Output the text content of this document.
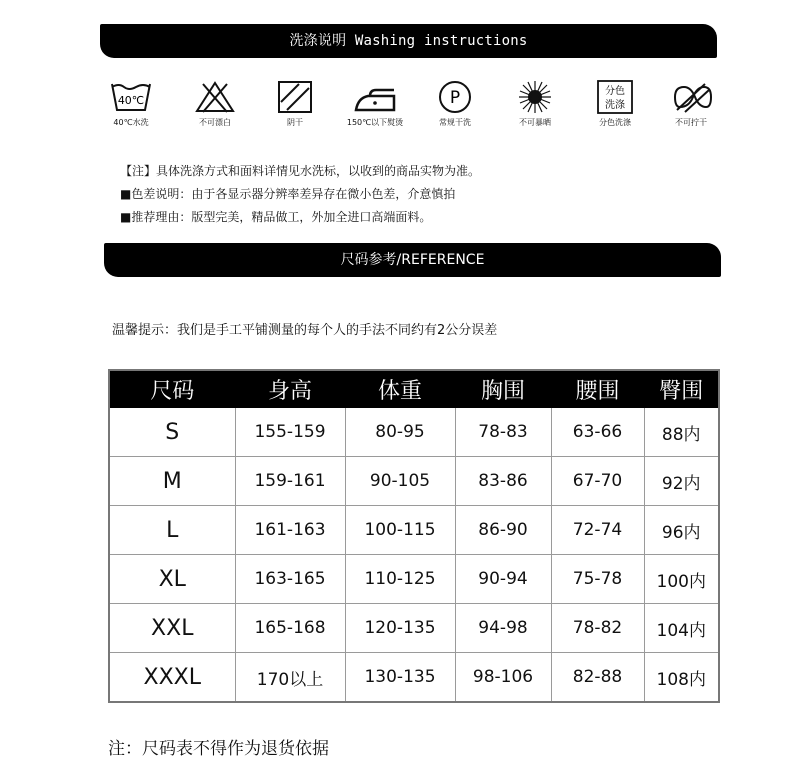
洗涤说明 Washing instructions
40℃
40℃水洗	不可漂白	阴干	150℃以下熨烫
P
常规干洗	不可暴晒
分色
洗涤
分色洗涤	不可拧干
【注】具体洗涤方式和面料详情见水洗标，以收到的商品实物为准。
■色差说明：由于各显示器分辨率差异存在微小色差，介意慎拍
■推荐理由：版型完美，精品做工，外加全进口高端面料。
尺码参考/REFERENCE
温馨提示：我们是手工平铺测量的每个人的手法不同约有2公分误差
尺码	身高	体重	胸围	腰围	臀围
S	155-159	80-95	78-83	63-66	88内
M	159-161	90-105	83-86	67-70	92内
L	161-163	100-115	86-90	72-74	96内
XL	163-165	110-125	90-94	75-78	100内
XXL	165-168	120-135	94-98	78-82	104内
XXXL	170以上	130-135	98-106	82-88	108内
注：尺码表不得作为退货依据
